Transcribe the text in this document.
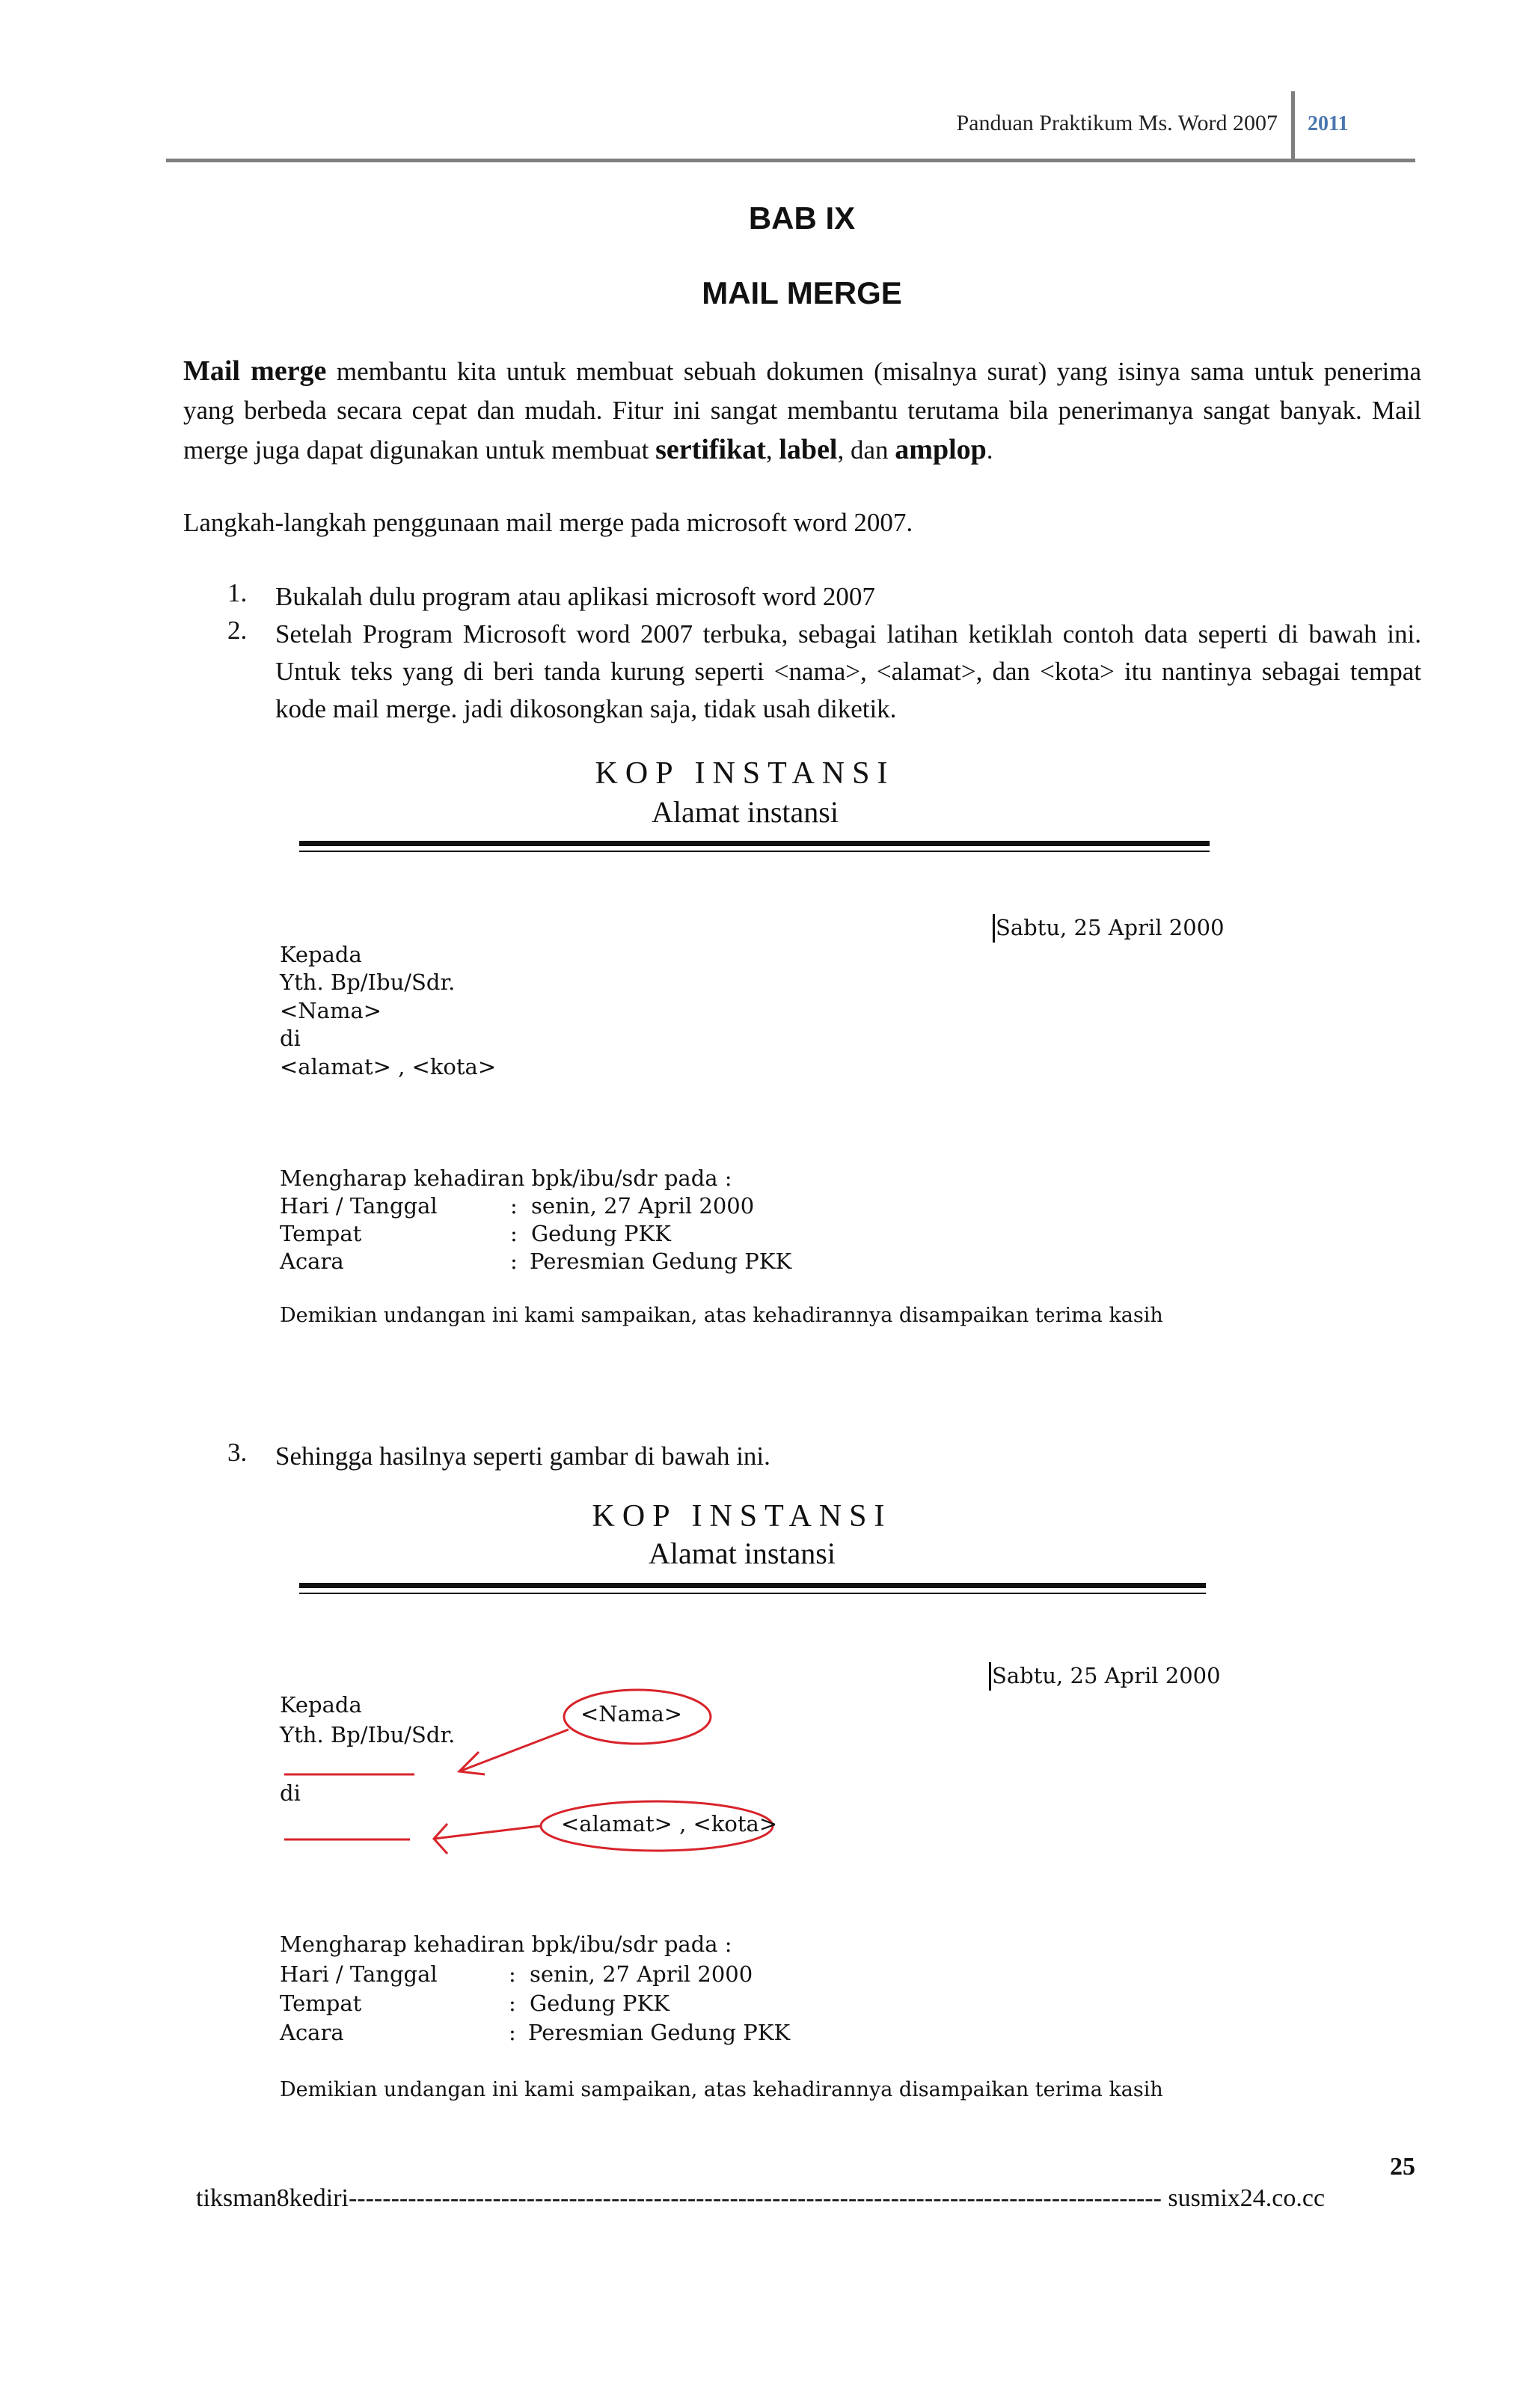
Panduan Praktikum Ms. Word 2007 2011
BAB IX
MAIL MERGE
Mail merge membantu kita untuk membuat sebuah dokumen (misalnya surat) yang isinya sama untuk penerima yang berbeda secara cepat dan mudah. Fitur ini sangat membantu terutama bila penerimanya sangat banyak. Mail merge juga dapat digunakan untuk membuat sertifikat, label, dan amplop.
Langkah-langkah penggunaan mail merge pada microsoft word 2007.
1. Bukalah dulu program atau aplikasi microsoft word 2007
2. Setelah Program Microsoft word 2007 terbuka, sebagai latihan ketiklah contoh data seperti di bawah ini. Untuk teks yang di beri tanda kurung seperti <nama>, <alamat>, dan <kota> itu nantinya sebagai tempat kode mail merge. jadi dikosongkan saja, tidak usah diketik.
KOP INSTANSI
Alamat instansi
Sabtu, 25 April 2000
Kepada
Yth. Bp/Ibu/Sdr.
<Nama>
di
<alamat> , <kota>
Mengharap kehadiran bpk/ibu/sdr pada :
Hari / Tanggal	: senin, 27 April 2000
Tempat	: Gedung PKK
Acara	: Peresmian Gedung PKK
Demikian undangan ini kami sampaikan, atas kehadirannya disampaikan terima kasih
3. Sehingga hasilnya seperti gambar di bawah ini.
KOP INSTANSI
Alamat instansi
Sabtu, 25 April 2000
Kepada
Yth. Bp/Ibu/Sdr.
di
<Nama>
<alamat> , <kota>
Mengharap kehadiran bpk/ibu/sdr pada :
Hari / Tanggal	: senin, 27 April 2000
Tempat	: Gedung PKK
Acara	: Peresmian Gedung PKK
Demikian undangan ini kami sampaikan, atas kehadirannya disampaikan terima kasih
25
tiksman8kediri------------------------------------------------------------------------------------------------ susmix24.co.cc
